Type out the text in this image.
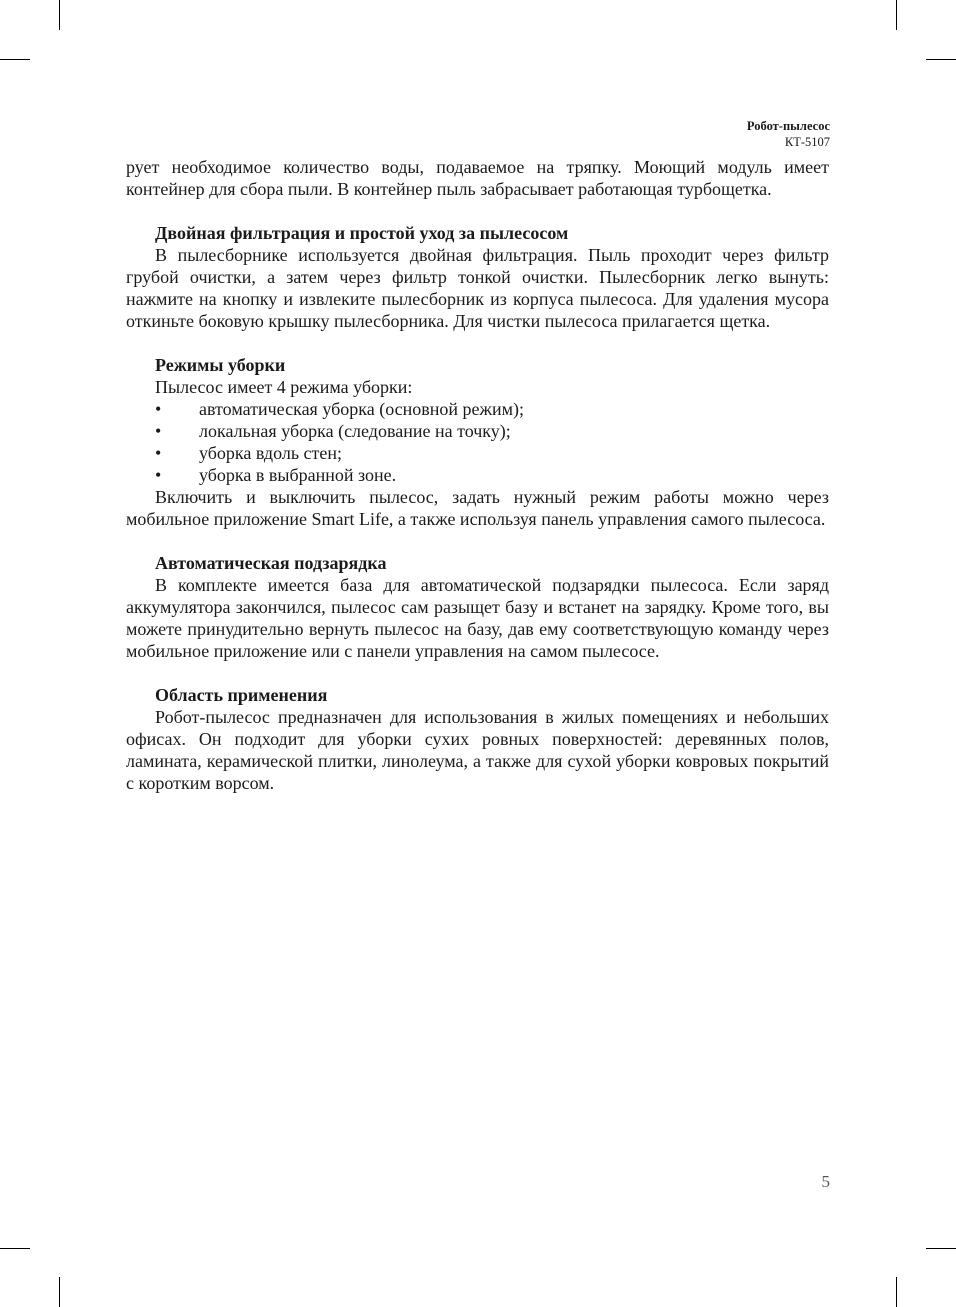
Робот-пылесос
КТ-5107

рует необходимое количество воды, подаваемое на тряпку. Моющий модуль имеет контейнер для сбора пыли. В контейнер пыль забрасывает работающая турбощетка.

Двойная фильтрация и простой уход за пылесосом

В пылесборнике используется двойная фильтрация. Пыль проходит через фильтр грубой очистки, а затем через фильтр тонкой очистки. Пылесборник легко вынуть: нажмите на кнопку и извлеките пылесборник из корпуса пылесоса. Для удаления мусора откиньте боковую крышку пылесборника. Для чистки пылесоса прилагается щетка.

Режимы уборки

Пылесос имеет 4 режима уборки:

• автоматическая уборка (основной режим);
• локальная уборка (следование на точку);
• уборка вдоль стен;
• уборка в выбранной зоне.

Включить и выключить пылесос, задать нужный режим работы можно через мобильное приложение Smart Life, а также используя панель управления самого пылесоса.

Автоматическая подзарядка

В комплекте имеется база для автоматической подзарядки пылесоса. Если заряд аккумулятора закончился, пылесос сам разыщет базу и встанет на зарядку. Кроме того, вы можете принудительно вернуть пылесос на базу, дав ему соответствующую команду через мобильное приложение или с панели управления на самом пылесосе.

Область применения

Робот-пылесос предназначен для использования в жилых помещениях и небольших офисах. Он подходит для уборки сухих ровных поверхностей: деревянных полов, ламината, керамической плитки, линолеума, а также для сухой уборки ковровых покрытий с коротким ворсом.

5
